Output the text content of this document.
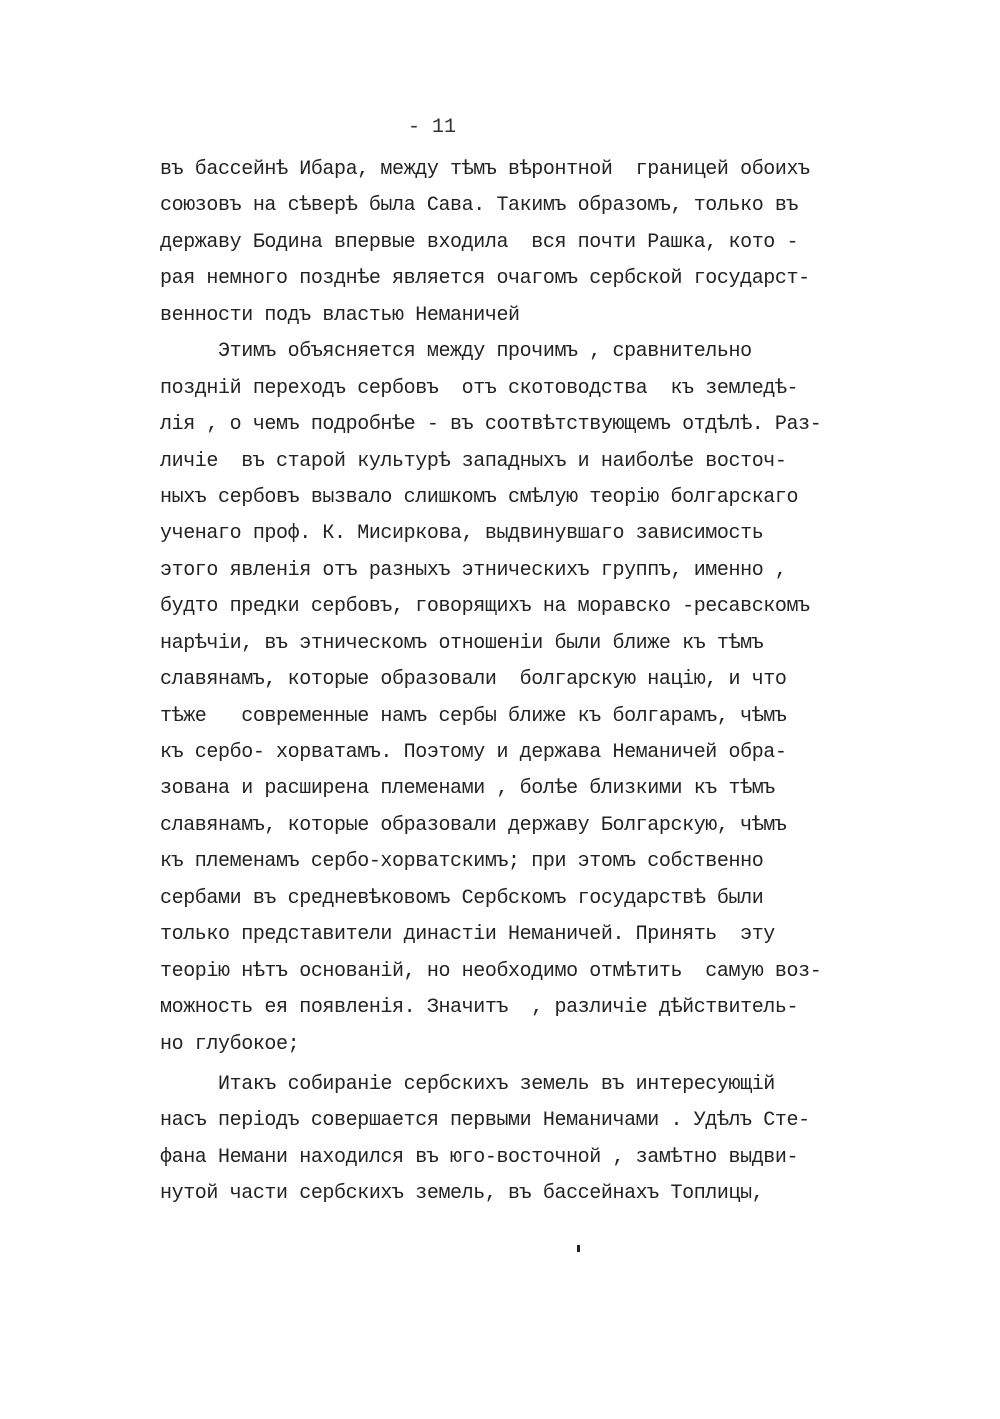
- 11
въ бассейнѣ Ибара, между тѣмъ вѣронтной  границей обоихъ
союзовъ на сѣверѣ была Сава. Такимъ образомъ, только въ
державу Бодина впервые входила  вся почти Рашка, кото -
рая немного позднѣе является очагомъ сербской государст-
венности подъ властью Неманичей
Этимъ объясняется между прочимъ , сравнительно
поздній переходъ сербовъ  отъ скотоводства  къ земледѣ-
лія , о чемъ подробнѣе - въ соотвѣтствующемъ отдѣлѣ. Раз-
личіе  въ старой культурѣ западныхъ и наиболѣе восточ-
ныхъ сербовъ вызвало слишкомъ смѣлую теорію болгарскаго
ученаго проф. К. Мисиркова, выдвинувшаго зависимость
этого явленія отъ разныхъ этническихъ группъ, именно ,
будто предки сербовъ, говорящихъ на моравско -ресавскомъ
нарѣчіи, въ этническомъ отношеніи были ближе къ тѣмъ
славянамъ, которые образовали  болгарскую націю, и что
тѣже   современные намъ сербы ближе къ болгарамъ, чѣмъ
къ сербо- хорватамъ. Поэтому и держава Неманичей обра-
зована и расширена племенами , болѣе близкими къ тѣмъ
славянамъ, которые образовали державу Болгарскую, чѣмъ
къ племенамъ сербо-хорватскимъ; при этомъ собственно
сербами въ средневѣковомъ Сербскомъ государствѣ были
только представители династіи Неманичей. Принять  эту
теорію нѣтъ основаній, но необходимо отмѣтить  самую воз-
можность ея появленія. Значитъ  , различіе дѣйствитель-
но глубокое;
Итакъ собираніе сербскихъ земель въ интересующій
насъ періодъ совершается первыми Неманичами . Удѣлъ Сте-
фана Немани находился въ юго-восточной , замѣтно выдви-
нутой части сербскихъ земель, въ бассейнахъ Топлицы,
